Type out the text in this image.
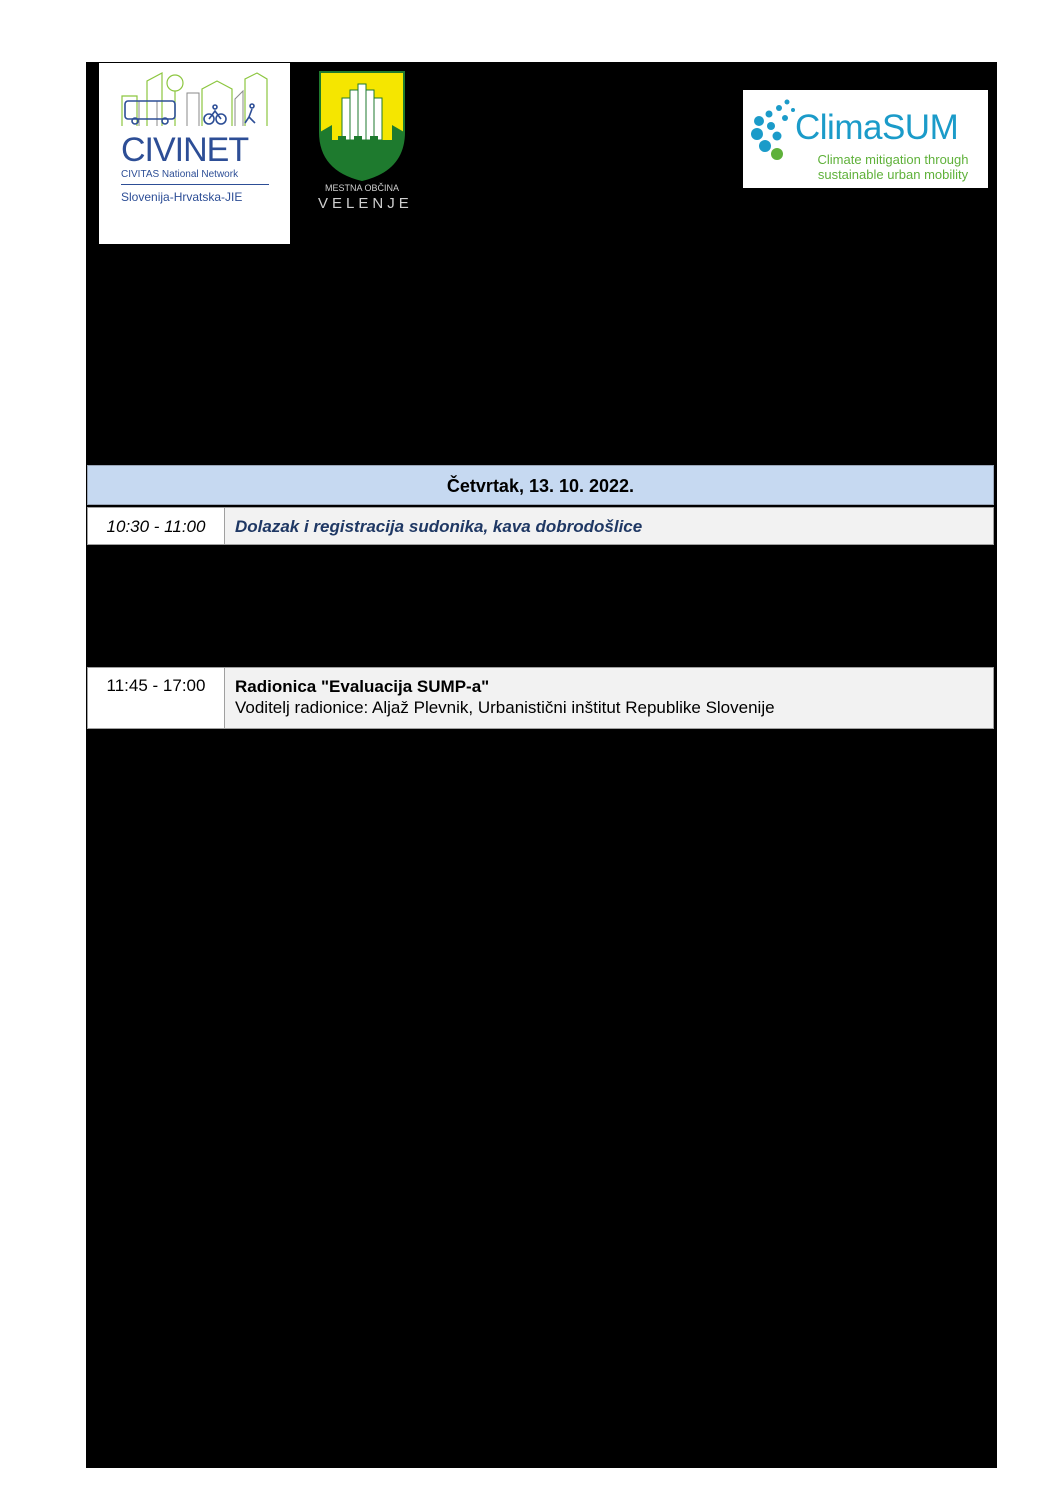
CIVINET
CIVITAS National Network
Slovenija-Hrvatska-JIE
MESTNA OBČINA
VELENJE
ClimaSUM
Climate mitigation through sustainable urban mobility
Četvrtak, 13. 10. 2022.
10:30 - 11:00	Dolazak i registracija sudonika, kava dobrodošlice
11:45 - 17:00	Radionica "Evaluacija SUMP-a"
Voditelj radionice: Aljaž Plevnik, Urbanistični inštitut Republike Slovenije
